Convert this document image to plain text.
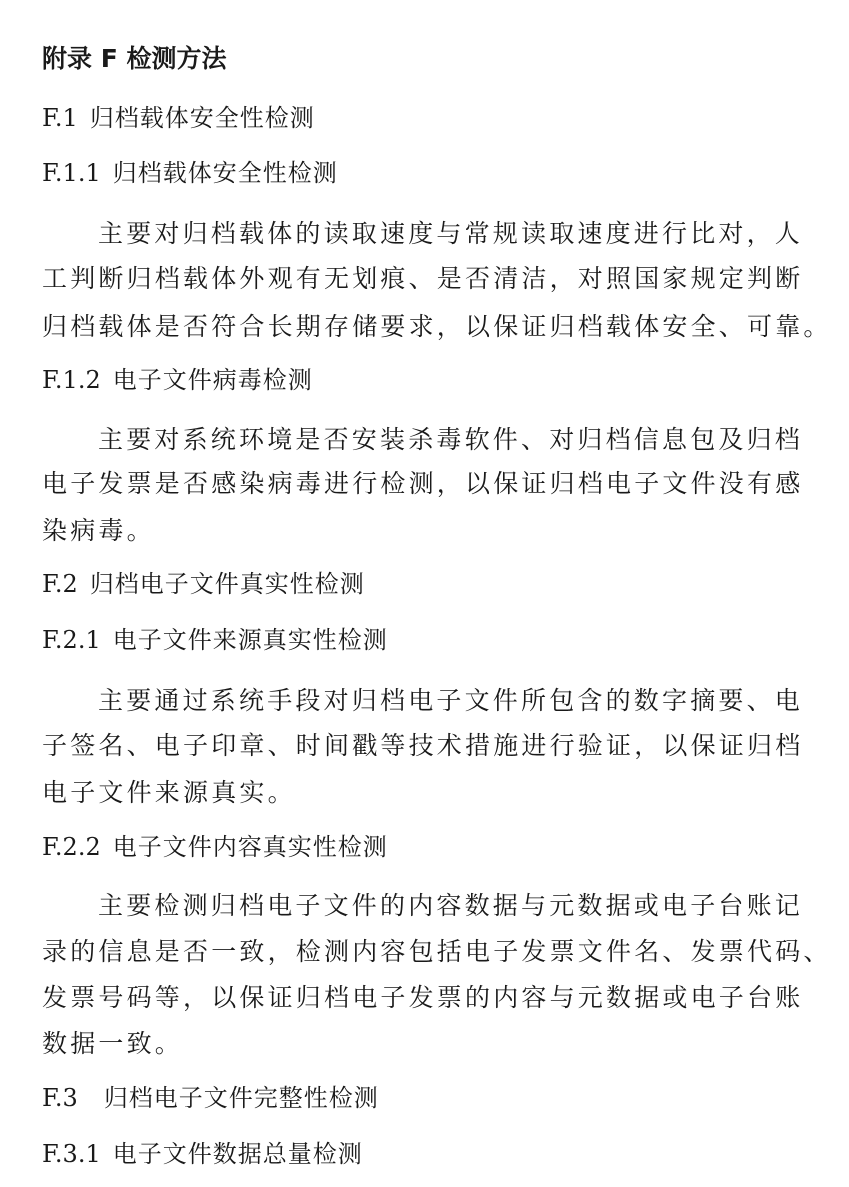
附录 F 检测方法
F.1 归档载体安全性检测
F.1.1 归档载体安全性检测
主要对归档载体的读取速度与常规读取速度进行比对，人
工判断归档载体外观有无划痕、是否清洁，对照国家规定判断
归档载体是否符合长期存储要求，以保证归档载体安全、可靠。
F.1.2 电子文件病毒检测
主要对系统环境是否安装杀毒软件、对归档信息包及归档
电子发票是否感染病毒进行检测，以保证归档电子文件没有感
染病毒。
F.2 归档电子文件真实性检测
F.2.1 电子文件来源真实性检测
主要通过系统手段对归档电子文件所包含的数字摘要、电
子签名、电子印章、时间戳等技术措施进行验证，以保证归档
电子文件来源真实。
F.2.2 电子文件内容真实性检测
主要检测归档电子文件的内容数据与元数据或电子台账记
录的信息是否一致，检测内容包括电子发票文件名、发票代码、
发票号码等，以保证归档电子发票的内容与元数据或电子台账
数据一致。
F.3 归档电子文件完整性检测
F.3.1 电子文件数据总量检测
